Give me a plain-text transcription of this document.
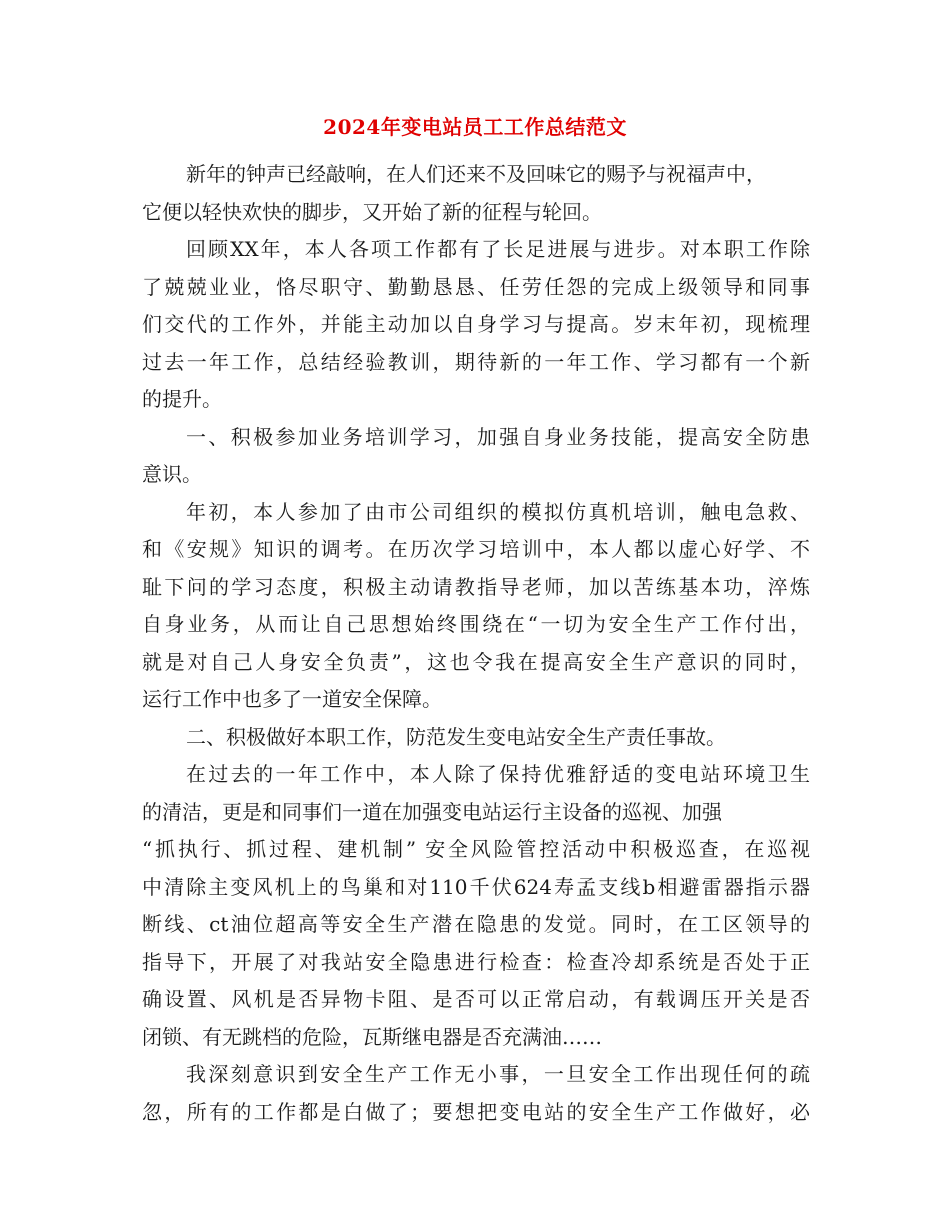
2024年变电站员工工作总结范文
新年的钟声已经敲响，在人们还来不及回味它的赐予与祝福声中，
它便以轻快欢快的脚步，又开始了新的征程与轮回。
回顾XX年，本人各项工作都有了长足进展与进步。对本职工作除
了兢兢业业，恪尽职守、勤勤恳恳、任劳任怨的完成上级领导和同事
们交代的工作外，并能主动加以自身学习与提高。岁末年初，现梳理
过去一年工作，总结经验教训，期待新的一年工作、学习都有一个新
的提升。
一、积极参加业务培训学习，加强自身业务技能，提高安全防患
意识。
年初，本人参加了由市公司组织的模拟仿真机培训，触电急救、
和《安规》知识的调考。在历次学习培训中，本人都以虚心好学、不
耻下问的学习态度，积极主动请教指导老师，加以苦练基本功，淬炼
自身业务，从而让自己思想始终围绕在“一切为安全生产工作付出，
就是对自己人身安全负责”，这也令我在提高安全生产意识的同时，
运行工作中也多了一道安全保障。
二、积极做好本职工作，防范发生变电站安全生产责任事故。
在过去的一年工作中，本人除了保持优雅舒适的变电站环境卫生
的清洁，更是和同事们一道在加强变电站运行主设备的巡视、加强
“抓执行、抓过程、建机制” 安全风险管控活动中积极巡查，在巡视
中清除主变风机上的鸟巢和对110千伏624寿孟支线b相避雷器指示器
断线、ct油位超高等安全生产潜在隐患的发觉。同时，在工区领导的
指导下，开展了对我站安全隐患进行检查：检查冷却系统是否处于正
确设置、风机是否异物卡阻、是否可以正常启动，有载调压开关是否
闭锁、有无跳档的危险，瓦斯继电器是否充满油……
我深刻意识到安全生产工作无小事，一旦安全工作出现任何的疏
忽，所有的工作都是白做了；要想把变电站的安全生产工作做好，必
